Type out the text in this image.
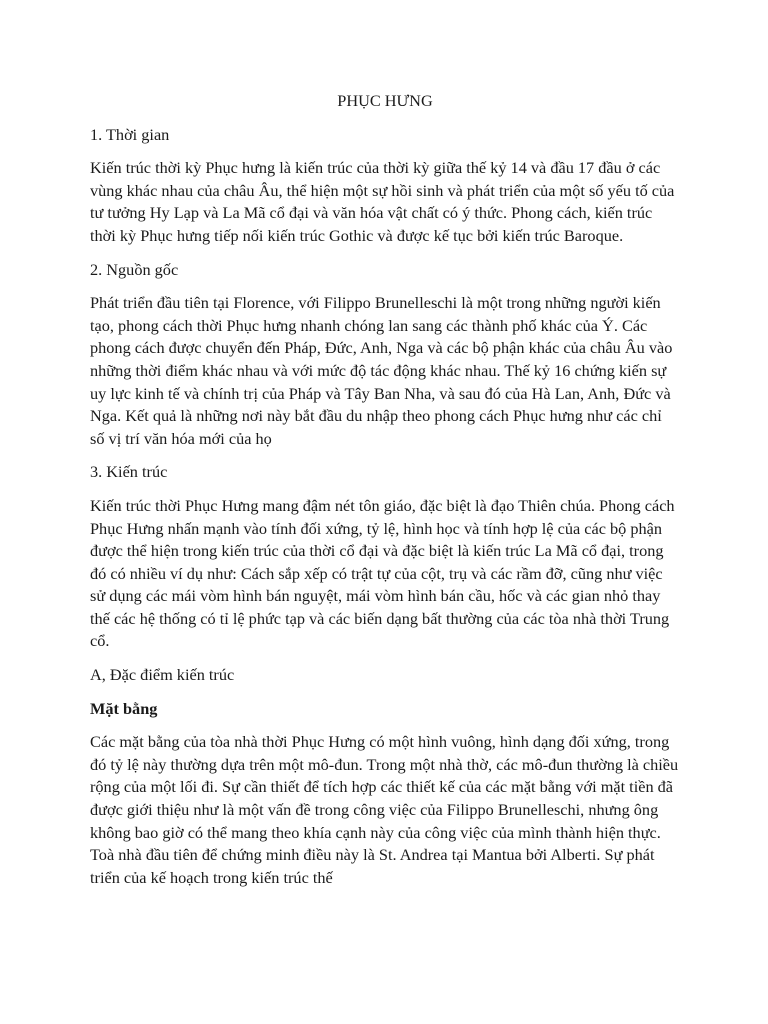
PHỤC HƯNG

1. Thời gian

Kiến trúc thời kỳ Phục hưng là kiến trúc của thời kỳ giữa thế kỷ 14 và đầu 17 đầu ở các vùng khác nhau của châu Âu, thể hiện một sự hồi sinh và phát triển của một số yếu tố của tư tưởng Hy Lạp và La Mã cổ đại và văn hóa vật chất có ý thức. Phong cách, kiến trúc thời kỳ Phục hưng tiếp nối kiến trúc Gothic và được kế tục bởi kiến trúc Baroque.

2. Nguồn gốc

Phát triển đầu tiên tại Florence, với Filippo Brunelleschi là một trong những người kiến tạo, phong cách thời Phục hưng nhanh chóng lan sang các thành phố khác của Ý. Các phong cách được chuyển đến Pháp, Đức, Anh, Nga và các bộ phận khác của châu Âu vào những thời điểm khác nhau và với mức độ tác động khác nhau. Thế kỷ 16 chứng kiến sự uy lực kinh tế và chính trị của Pháp và Tây Ban Nha, và sau đó của Hà Lan, Anh, Đức và Nga. Kết quả là những nơi này bắt đầu du nhập theo phong cách Phục hưng như các chỉ số vị trí văn hóa mới của họ

3. Kiến trúc

Kiến trúc thời Phục Hưng mang đậm nét tôn giáo, đặc biệt là đạo Thiên chúa. Phong cách Phục Hưng nhấn mạnh vào tính đối xứng, tỷ lệ, hình học và tính hợp lệ của các bộ phận được thể hiện trong kiến trúc của thời cổ đại và đặc biệt là kiến trúc La Mã cổ đại, trong đó có nhiều ví dụ như: Cách sắp xếp có trật tự của cột, trụ và các rầm đỡ, cũng như việc sử dụng các mái vòm hình bán nguyệt, mái vòm hình bán cầu, hốc và các gian nhỏ thay thế các hệ thống có tỉ lệ phức tạp và các biến dạng bất thường của các tòa nhà thời Trung cổ.

A, Đặc điểm kiến trúc

Mặt bằng

Các mặt bằng của tòa nhà thời Phục Hưng có một hình vuông, hình dạng đối xứng, trong đó tỷ lệ này thường dựa trên một mô-đun. Trong một nhà thờ, các mô-đun thường là chiều rộng của một lối đi. Sự cần thiết để tích hợp các thiết kế của các mặt bằng với mặt tiền đã được giới thiệu như là một vấn đề trong công việc của Filippo Brunelleschi, nhưng ông không bao giờ có thể mang theo khía cạnh này của công việc của mình thành hiện thực. Toà nhà đầu tiên để chứng minh điều này là St. Andrea tại Mantua bởi Alberti. Sự phát triển của kế hoạch trong kiến trúc thế
